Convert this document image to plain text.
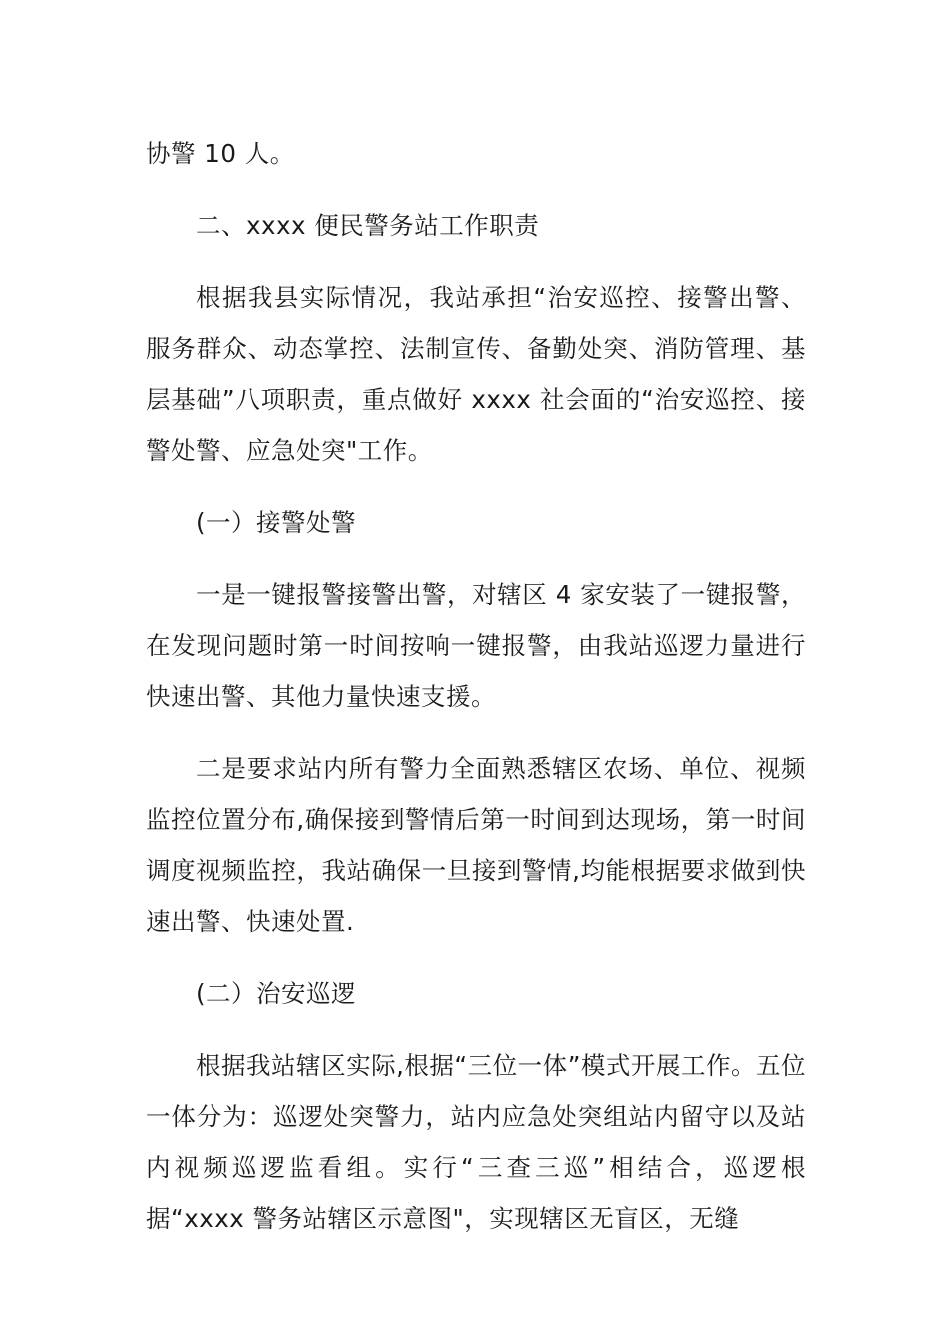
协警 10 人。

二、xxxx 便民警务站工作职责

根据我县实际情况，我站承担“治安巡控、接警出警、服务群众、动态掌控、法制宣传、备勤处突、消防管理、基层基础”八项职责，重点做好 xxxx 社会面的“治安巡控、接警处警、应急处突"工作。

(一）接警处警

一是一键报警接警出警，对辖区 4 家安装了一键报警，在发现问题时第一时间按响一键报警，由我站巡逻力量进行快速出警、其他力量快速支援。

二是要求站内所有警力全面熟悉辖区农场、单位、视频监控位置分布,确保接到警情后第一时间到达现场，第一时间调度视频监控，我站确保一旦接到警情,均能根据要求做到快速出警、快速处置.

(二）治安巡逻

根据我站辖区实际,根据“三位一体”模式开展工作。五位一体分为：巡逻处突警力，站内应急处突组站内留守以及站内视频巡逻监看组。实行“三查三巡”相结合，巡逻根据“xxxx 警务站辖区示意图"，实现辖区无盲区，无缝
